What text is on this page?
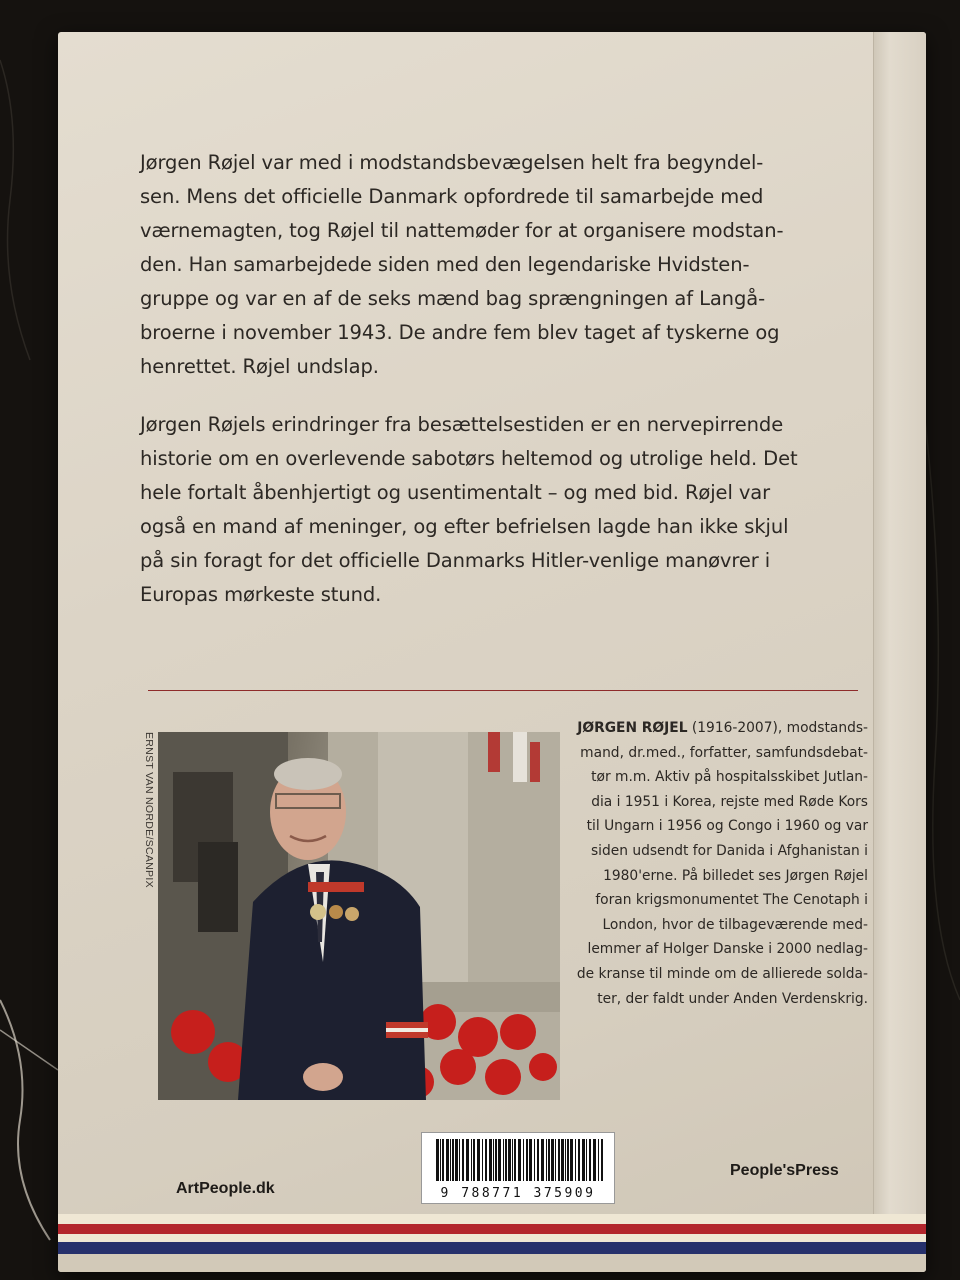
Jørgen Røjel var med i modstandsbevægelsen helt fra begyndel-
sen. Mens det officielle Danmark opfordrede til samarbejde med
værnemagten, tog Røjel til nattemøder for at organisere modstan-
den. Han samarbejdede siden med den legendariske Hvidsten-
gruppe og var en af de seks mænd bag sprængningen af Langå-
broerne i november 1943. De andre fem blev taget af tyskerne og
henrettet. Røjel undslap.

Jørgen Røjels erindringer fra besættelsestiden er en nervepirrende
historie om en overlevende sabotørs heltemod og utrolige held. Det
hele fortalt åbenhjertigt og usentimentalt – og med bid. Røjel var
også en mand af meninger, og efter befrielsen lagde han ikke skjul
på sin foragt for det officielle Danmarks Hitler-venlige manøvrer i
Europas mørkeste stund.

ERNST VAN NORDE/SCANPIX

JØRGEN RØJEL (1916-2007), modstands-
mand, dr.med., forfatter, samfundsdebat-
tør m.m. Aktiv på hospitalsskibet Jutlan-
dia i 1951 i Korea, rejste med Røde Kors
til Ungarn i 1956 og Congo i 1960 og var
siden udsendt for Danida i Afghanistan i
1980'erne. På billedet ses Jørgen Røjel
foran krigsmonumentet The Cenotaph i
London, hvor de tilbageværende med-
lemmer af Holger Danske i 2000 nedlag-
de kranse til minde om de allierede solda-
ter, der faldt under Anden Verdenskrig.

9 788771 375909
ArtPeople.dk
People'sPress
